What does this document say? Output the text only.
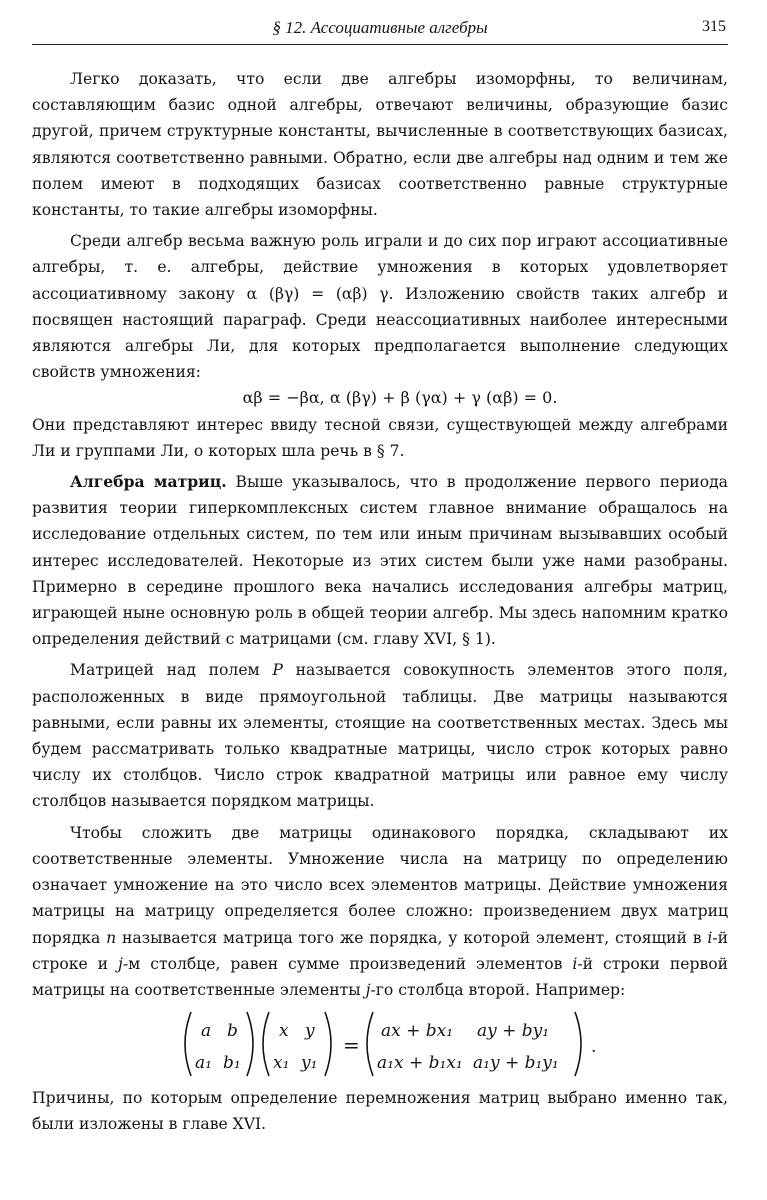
§ 12. Ассоциативные алгебры	315

Легко доказать, что если две алгебры изоморфны, то величинам, составляющим базис одной алгебры, отвечают величины, образующие базис другой, причем структурные константы, вычисленные в соответствующих базисах, являются соответственно равными. Обратно, если две алгебры над одним и тем же полем имеют в подходящих базисах соответственно равные структурные константы, то такие алгебры изоморфны.

Среди алгебр весьма важную роль играли и до сих пор играют ассоциативные алгебры, т. е. алгебры, действие умножения в которых удовлетворяет ассоциативному закону α (βγ) = (αβ) γ. Изложению свойств таких алгебр и посвящен настоящий параграф. Среди неассоциативных наиболее интересными являются алгебры Ли, для которых предполагается выполнение следующих свойств умножения:

αβ = −βα, α (βγ) + β (γα) + γ (αβ) = 0.

Они представляют интерес ввиду тесной связи, существующей между алгебрами Ли и группами Ли, о которых шла речь в § 7.

Алгебра матриц. Выше указывалось, что в продолжение первого периода развития теории гиперкомплексных систем главное внимание обращалось на исследование отдельных систем, по тем или иным причинам вызывавших особый интерес исследователей. Некоторые из этих систем были уже нами разобраны. Примерно в середине прошлого века начались исследования алгебры матриц, играющей ныне основную роль в общей теории алгебр. Мы здесь напомним кратко определения действий с матрицами (см. главу XVI, § 1).

Матрицей над полем P называется совокупность элементов этого поля, расположенных в виде прямоугольной таблицы. Две матрицы называются равными, если равны их элементы, стоящие на соответственных местах. Здесь мы будем рассматривать только квадратные матрицы, число строк которых равно числу их столбцов. Число строк квадратной матрицы или равное ему числу столбцов называется порядком матрицы.

Чтобы сложить две матрицы одинакового порядка, складывают их соответственные элементы. Умножение числа на матрицу по определению означает умножение на это число всех элементов матрицы. Действие умножения матрицы на матрицу определяется более сложно: произведением двух матриц порядка n называется матрица того же порядка, у которой элемент, стоящий в i-й строке и j-м столбце, равен сумме произведений элементов i-й строки первой матрицы на соответственные элементы j-го столбца второй. Например:

a b
a₁ b₁
x y
x₁ y₁
=
ax + bx₁ ay + by₁
a₁x + b₁x₁ a₁y + b₁y₁
.

Причины, по которым определение перемножения матриц выбрано именно так, были изложены в главе XVI.
